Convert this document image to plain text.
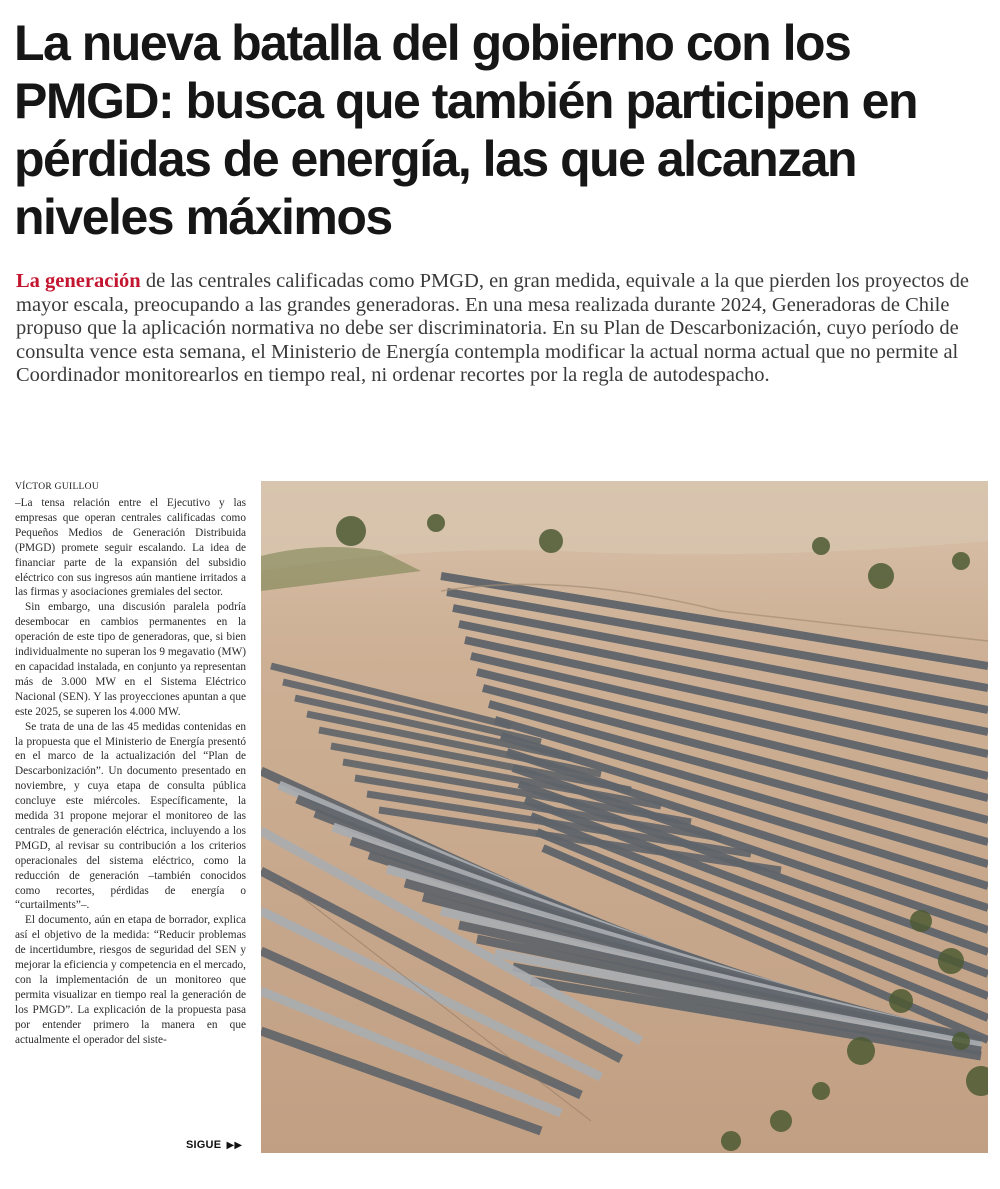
La nueva batalla del gobierno con los PMGD: busca que también participen en pérdidas de energía, las que alcanzan niveles máximos

La generación de las centrales calificadas como PMGD, en gran medida, equivale a la que pierden los proyectos de mayor escala, preocupando a las grandes generadoras. En una mesa realizada durante 2024, Generadoras de Chile propuso que la aplicación normativa no debe ser discriminatoria. En su Plan de Descarbonización, cuyo período de consulta vence esta semana, el Ministerio de Energía contempla modificar la actual norma actual que no permite al Coordinador monitorearlos en tiempo real, ni ordenar recortes por la regla de autodespacho.

VÍCTOR GUILLOU

–La tensa relación entre el Ejecutivo y las empresas que operan centrales calificadas como Pequeños Medios de Generación Distribuida (PMGD) promete seguir escalando. La idea de financiar parte de la expansión del subsidio eléctrico con sus ingresos aún mantiene irritados a las firmas y asociaciones gremiales del sector.

Sin embargo, una discusión paralela podría desembocar en cambios permanentes en la operación de este tipo de generadoras, que, si bien individualmente no superan los 9 megavatio (MW) en capacidad instalada, en conjunto ya representan más de 3.000 MW en el Sistema Eléctrico Nacional (SEN). Y las proyecciones apuntan a que este 2025, se superen los 4.000 MW.

Se trata de una de las 45 medidas contenidas en la propuesta que el Ministerio de Energía presentó en el marco de la actualización del “Plan de Descarbonización”. Un documento presentado en noviembre, y cuya etapa de consulta pública concluye este miércoles. Específicamente, la medida 31 propone mejorar el monitoreo de las centrales de generación eléctrica, incluyendo a los PMGD, al revisar su contribución a los criterios operacionales del sistema eléctrico, como la reducción de generación –también conocidos como recortes, pérdidas de energía o “curtailments”–.

El documento, aún en etapa de borrador, explica así el objetivo de la medida: “Reducir problemas de incertidumbre, riesgos de seguridad del SEN y mejorar la eficiencia y competencia en el mercado, con la implementación de un monitoreo que permita visualizar en tiempo real la generación de los PMGD”. La explicación de la propuesta pasa por entender primero la manera en que actualmente el operador del siste-

SIGUE ▶▶
